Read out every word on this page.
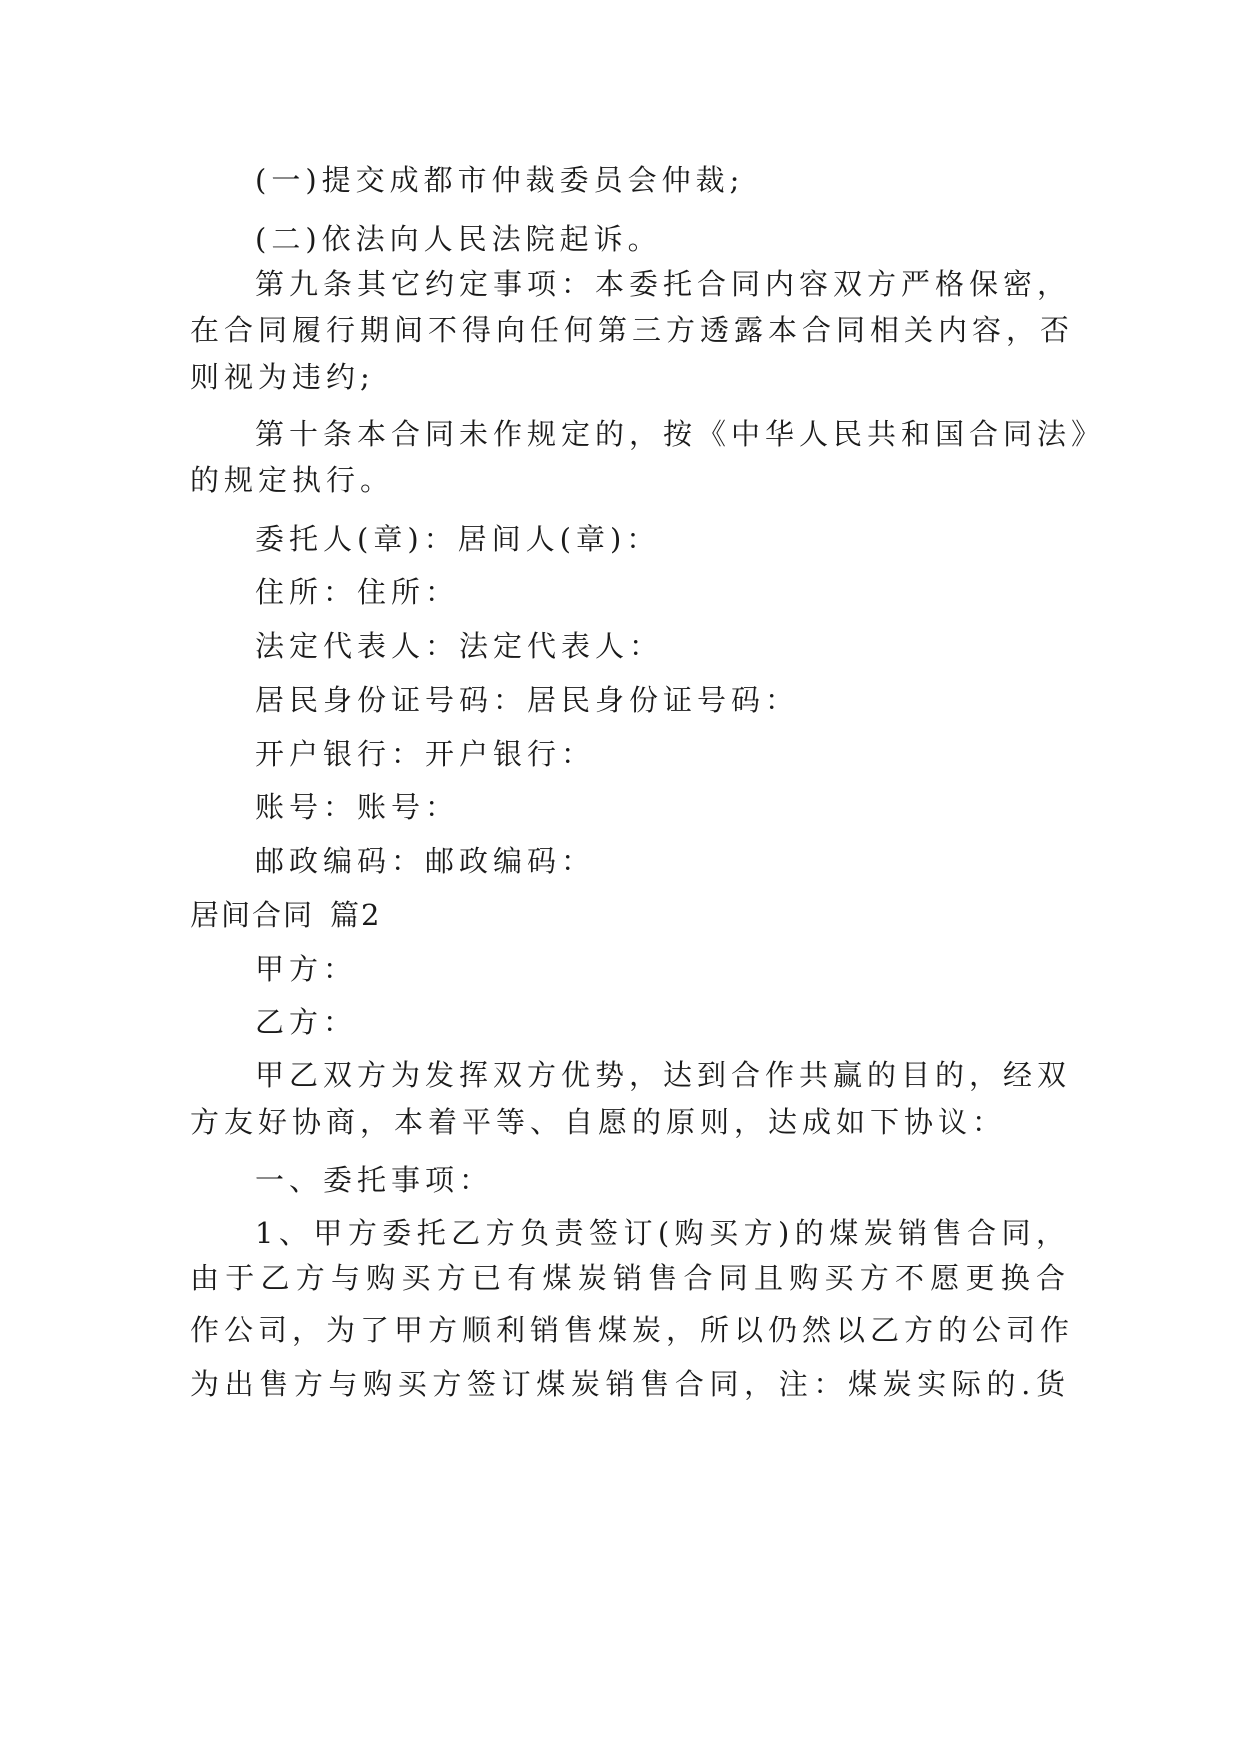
(一)提交成都市仲裁委员会仲裁;
(二)依法向人民法院起诉。
第九条其它约定事项：本委托合同内容双方严格保密，
在合同履行期间不得向任何第三方透露本合同相关内容，否
则视为违约;
第十条本合同未作规定的，按《中华人民共和国合同法》
的规定执行。
委托人(章)：居间人(章)：
住所：住所：
法定代表人：法定代表人：
居民身份证号码：居民身份证号码：
开户银行：开户银行：
账号：账号：
邮政编码：邮政编码：
居间合同 篇2
甲方：
乙方：
甲乙双方为发挥双方优势，达到合作共赢的目的，经双
方友好协商，本着平等、自愿的原则，达成如下协议：
一、委托事项：
1、甲方委托乙方负责签订(购买方)的煤炭销售合同，
由于乙方与购买方已有煤炭销售合同且购买方不愿更换合
作公司，为了甲方顺利销售煤炭，所以仍然以乙方的公司作
为出售方与购买方签订煤炭销售合同，注：煤炭实际的.货
